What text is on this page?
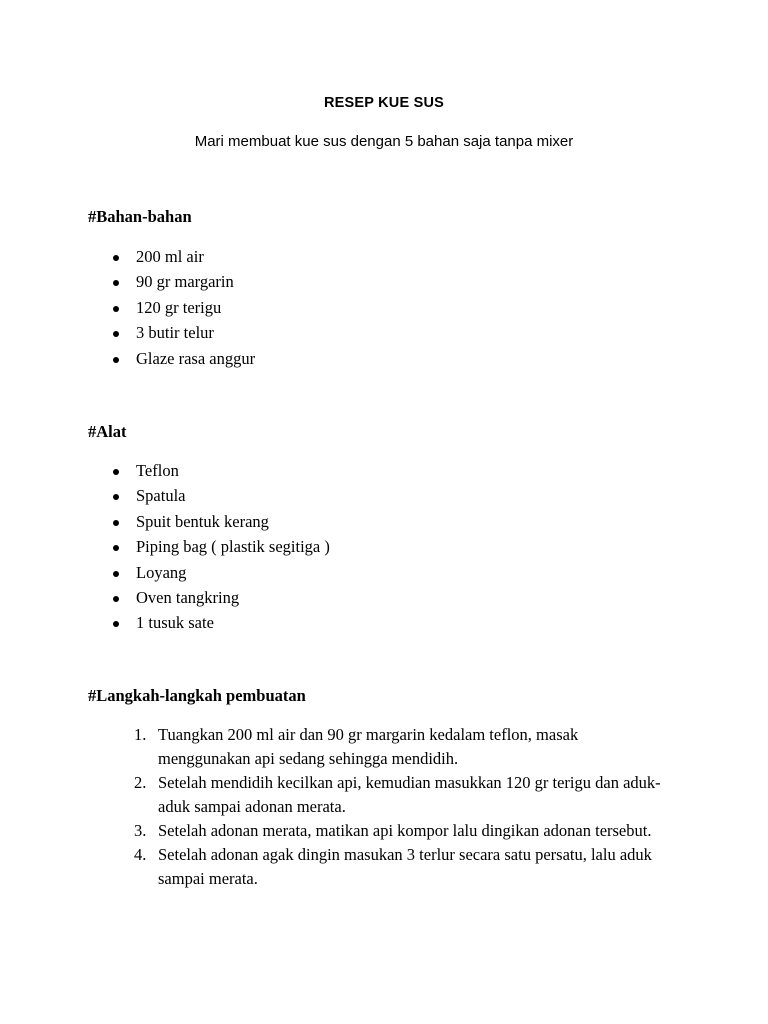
RESEP KUE SUS
Mari membuat kue sus dengan 5 bahan saja tanpa mixer
#Bahan-bahan
200 ml air
90 gr margarin
120 gr terigu
3 butir telur
Glaze rasa anggur
#Alat
Teflon
Spatula
Spuit bentuk kerang
Piping bag ( plastik segitiga )
Loyang
Oven tangkring
1 tusuk sate
#Langkah-langkah pembuatan
1. Tuangkan 200 ml air dan 90 gr margarin kedalam teflon, masak menggunakan api sedang sehingga mendidih.
2. Setelah mendidih kecilkan api, kemudian masukkan 120 gr terigu dan aduk-aduk sampai adonan merata.
3. Setelah adonan merata, matikan api kompor lalu dingikan adonan tersebut.
4. Setelah adonan agak dingin masukan 3 terlur secara satu persatu, lalu aduk sampai merata.
